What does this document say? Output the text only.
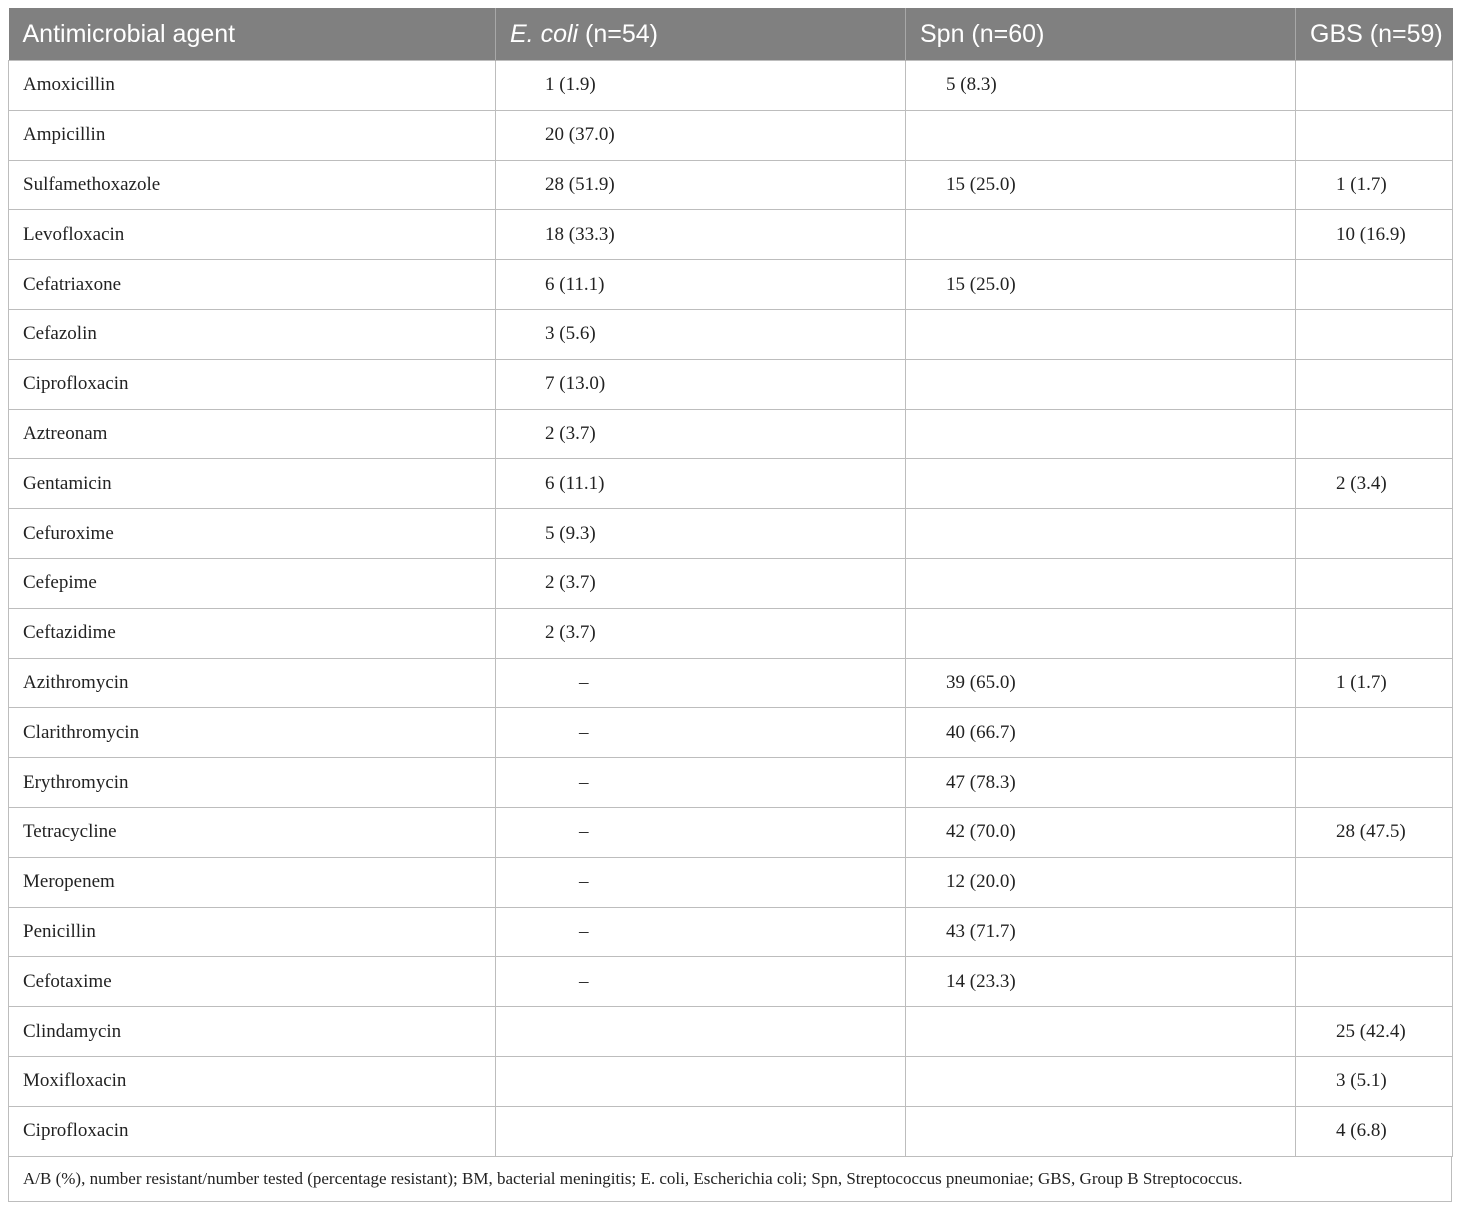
Antimicrobial agent	E. coli (n=54)	Spn (n=60)	GBS (n=59)
Amoxicillin	1 (1.9)	5 (8.3)	
Ampicillin	20 (37.0)		
Sulfamethoxazole	28 (51.9)	15 (25.0)	1 (1.7)
Levofloxacin	18 (33.3)		10 (16.9)
Cefatriaxone	6 (11.1)	15 (25.0)	
Cefazolin	3 (5.6)		
Ciprofloxacin	7 (13.0)		
Aztreonam	2 (3.7)		
Gentamicin	6 (11.1)		2 (3.4)
Cefuroxime	5 (9.3)		
Cefepime	2 (3.7)		
Ceftazidime	2 (3.7)		
Azithromycin	–	39 (65.0)	1 (1.7)
Clarithromycin	–	40 (66.7)	
Erythromycin	–	47 (78.3)	
Tetracycline	–	42 (70.0)	28 (47.5)
Meropenem	–	12 (20.0)	
Penicillin	–	43 (71.7)	
Cefotaxime	–	14 (23.3)	
Clindamycin			25 (42.4)
Moxifloxacin			3 (5.1)
Ciprofloxacin			4 (6.8)
A/B (%), number resistant/number tested (percentage resistant); BM, bacterial meningitis; E. coli, Escherichia coli; Spn, Streptococcus pneumoniae; GBS, Group B Streptococcus.
